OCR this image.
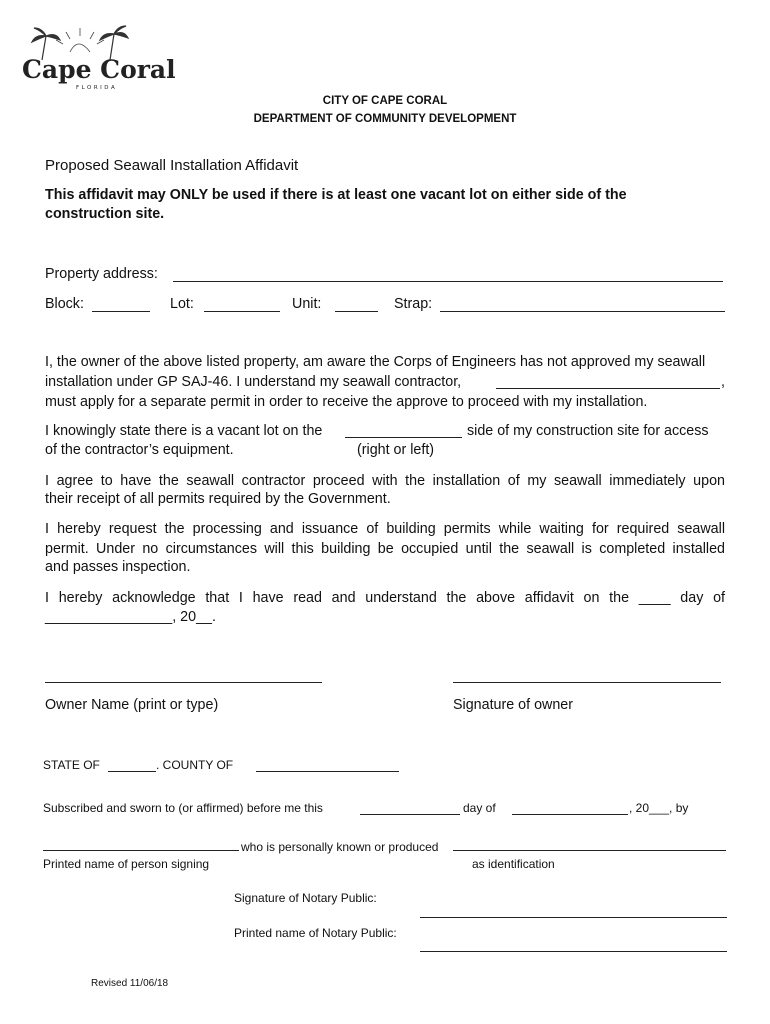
Cape Coral
FLORIDA
CITY OF CAPE CORAL
DEPARTMENT OF COMMUNITY DEVELOPMENT
Proposed Seawall Installation Affidavit
This affidavit may ONLY be used if there is at least one vacant lot on either side of the
construction site.
Property address:
Block:	Lot:	Unit:	Strap:
I, the owner of the above listed property, am aware the Corps of Engineers has not approved my seawall
installation under GP SAJ-46. I understand my seawall contractor,	,
must apply for a separate permit in order to receive the approve to proceed with my installation.
I knowingly state there is a vacant lot on the	side of my construction site for access
of the contractor’s equipment.	(right or left)
I agree to have the seawall contractor proceed with the installation of my seawall immediately upon
their receipt of all permits required by the Government.
I hereby request the processing and issuance of building permits while waiting for required seawall
permit. Under no circumstances will this building be occupied until the seawall is completed installed
and passes inspection.
I hereby acknowledge that I have read and understand the above affidavit on the ____ day of
________________, 20__.
Owner Name (print or type)	Signature of owner
STATE OF	. COUNTY OF
Subscribed and sworn to (or affirmed) before me this	day of	, 20___, by
who is personally known or produced
Printed name of person signing	as identification
Signature of Notary Public:
Printed name of Notary Public:
Revised 11/06/18
